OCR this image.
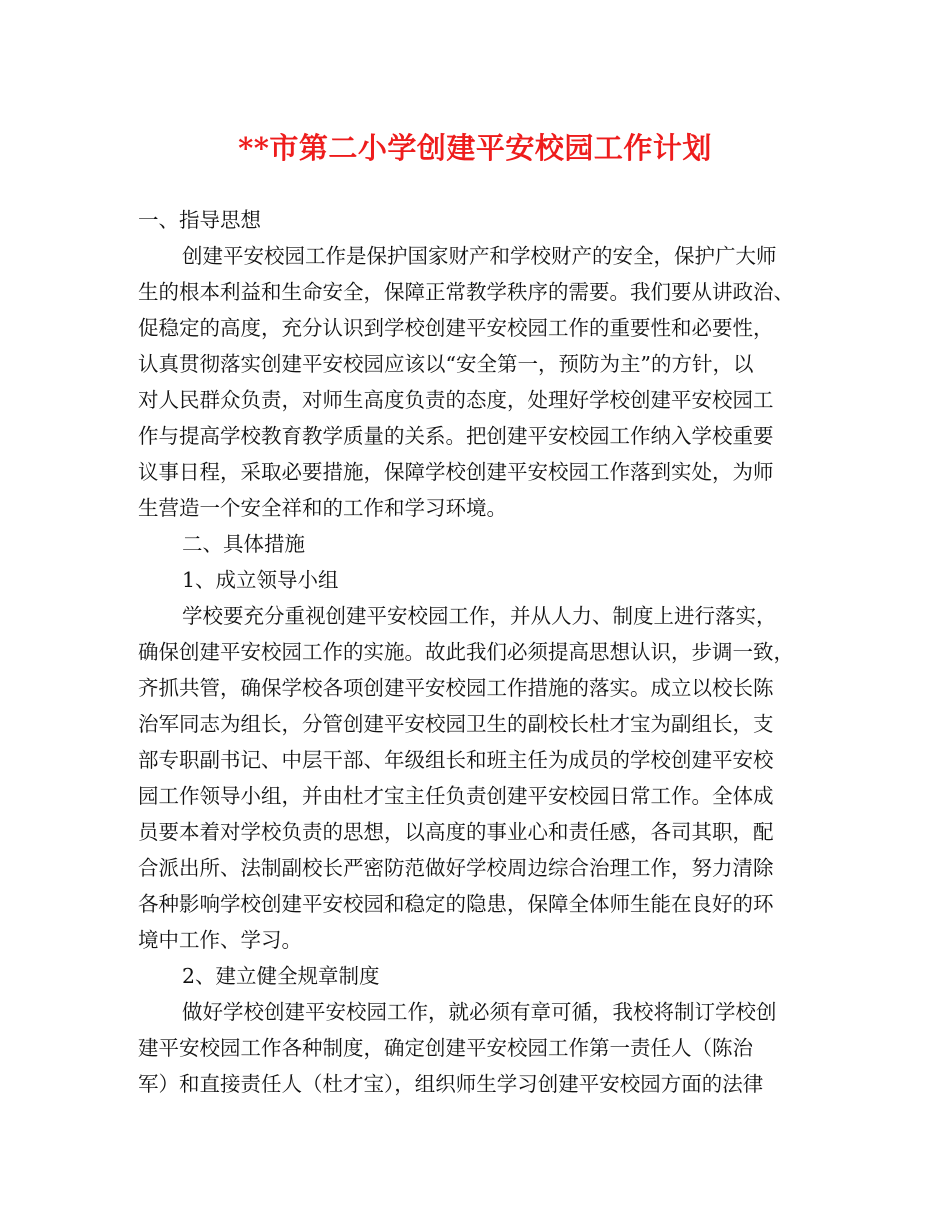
**市第二小学创建平安校园工作计划
一、指导思想
创建平安校园工作是保护国家财产和学校财产的安全，保护广大师
生的根本利益和生命安全，保障正常教学秩序的需要。我们要从讲政治、
促稳定的高度，充分认识到学校创建平安校园工作的重要性和必要性，
认真贯彻落实创建平安校园应该以“安全第一，预防为主”的方针，以
对人民群众负责，对师生高度负责的态度，处理好学校创建平安校园工
作与提高学校教育教学质量的关系。把创建平安校园工作纳入学校重要
议事日程，采取必要措施，保障学校创建平安校园工作落到实处，为师
生营造一个安全祥和的工作和学习环境。
二、具体措施
1、成立领导小组
学校要充分重视创建平安校园工作，并从人力、制度上进行落实，
确保创建平安校园工作的实施。故此我们必须提高思想认识，步调一致，
齐抓共管，确保学校各项创建平安校园工作措施的落实。成立以校长陈
治军同志为组长，分管创建平安校园卫生的副校长杜才宝为副组长，支
部专职副书记、中层干部、年级组长和班主任为成员的学校创建平安校
园工作领导小组，并由杜才宝主任负责创建平安校园日常工作。全体成
员要本着对学校负责的思想，以高度的事业心和责任感，各司其职，配
合派出所、法制副校长严密防范做好学校周边综合治理工作，努力清除
各种影响学校创建平安校园和稳定的隐患，保障全体师生能在良好的环
境中工作、学习。
2、建立健全规章制度
做好学校创建平安校园工作，就必须有章可循，我校将制订学校创
建平安校园工作各种制度，确定创建平安校园工作第一责任人（陈治
军）和直接责任人（杜才宝），组织师生学习创建平安校园方面的法律
